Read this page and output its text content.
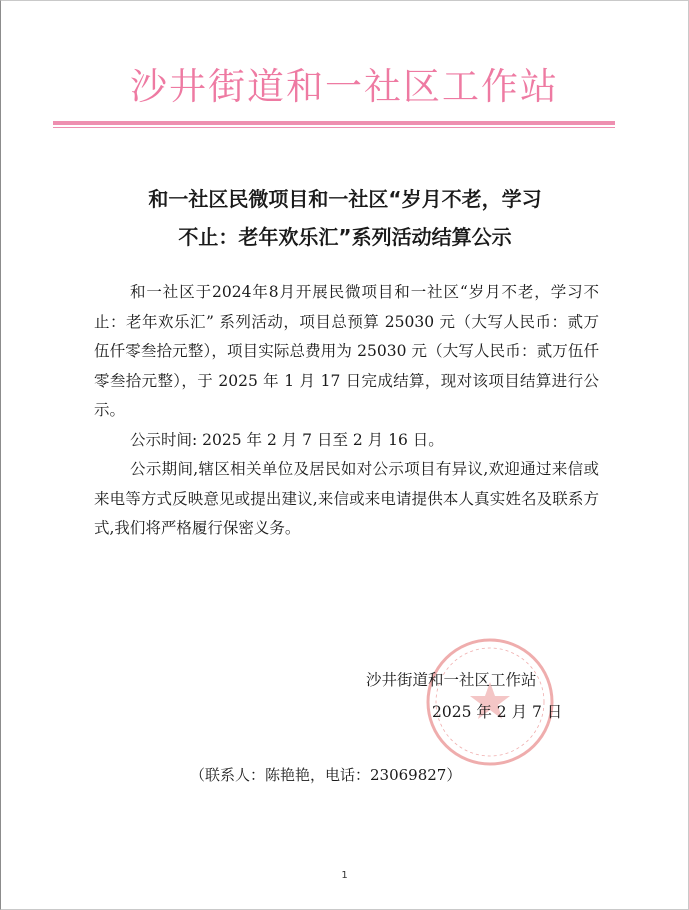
沙井街道和一社区工作站
和一社区民微项目和一社区“岁月不老，学习
不止：老年欢乐汇”系列活动结算公示

和一社区于2024年8月开展民微项目和一社区“岁月不老，学习不止：老年欢乐汇” 系列活动，项目总预算 25030 元（大写人民币：贰万伍仟零叁拾元整），项目实际总费用为 25030 元（大写人民币：贰万伍仟零叁拾元整），于 2025 年 1 月 17 日完成结算，现对该项目结算进行公示。

公示时间: 2025 年 2 月 7 日至 2 月 16 日。

公示期间,辖区相关单位及居民如对公示项目有异议,欢迎通过来信或来电等方式反映意见或提出建议,来信或来电请提供本人真实姓名及联系方式,我们将严格履行保密义务。

沙井街道和一社区工作站
2025 年 2 月 7 日
（联系人：陈艳艳，电话：23069827）
1
